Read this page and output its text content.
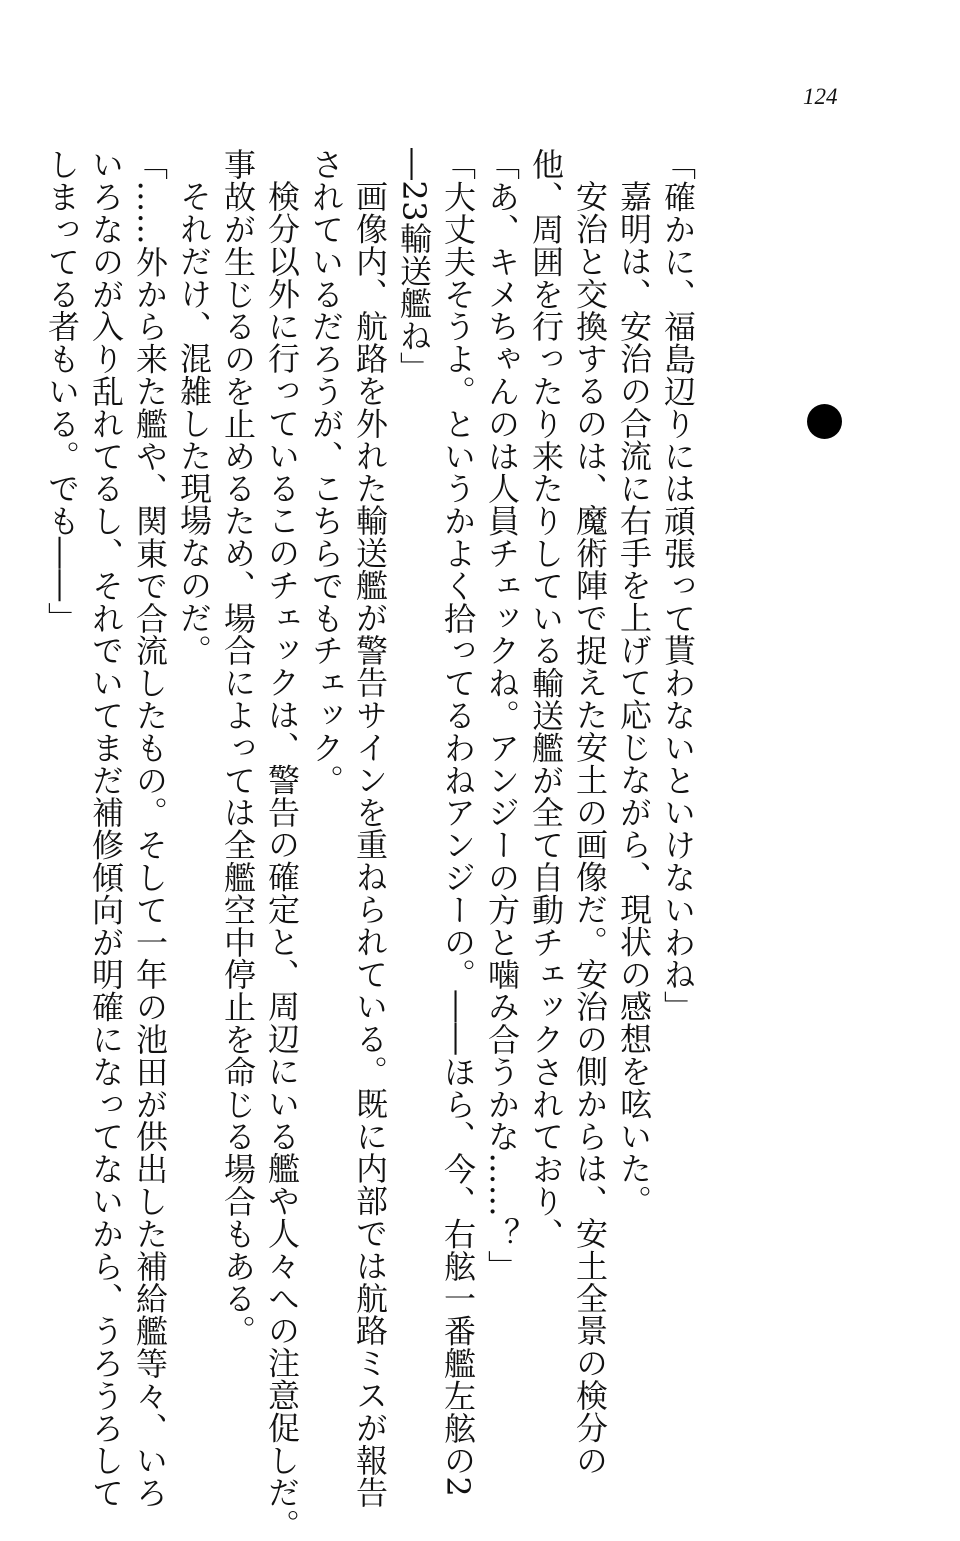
124
「確かに、福島辺りには頑張って貰わないといけないわね」
嘉明は、安治の合流に右手を上げて応じながら、現状の感想を呟いた。
安治と交換するのは、魔術陣で捉えた安土の画像だ。安治の側からは、安土全景の検分の
他、周囲を行ったり来たりしている輸送艦が全て自動チェックされており、
「あ、キメちゃんのは人員チェックね。アンジーの方と噛み合うかな……？」
「大丈夫そうよ。というかよく拾ってるわねアンジーの。――ほら、今、右舷一番艦左舷の2
―23輸送艦ね」
画像内、航路を外れた輸送艦が警告サインを重ねられている。既に内部では航路ミスが報告
されているだろうが、こちらでもチェック。
検分以外に行っているこのチェックは、警告の確定と、周辺にいる艦や人々への注意促しだ。
事故が生じるのを止めるため、場合によっては全艦空中停止を命じる場合もある。
それだけ、混雑した現場なのだ。
「……外から来た艦や、関東で合流したもの。そして一年の池田が供出した補給艦等々、いろ
いろなのが入り乱れてるし、それでいてまだ補修傾向が明確になってないから、うろうろして
しまってる者もいる。でも――」
